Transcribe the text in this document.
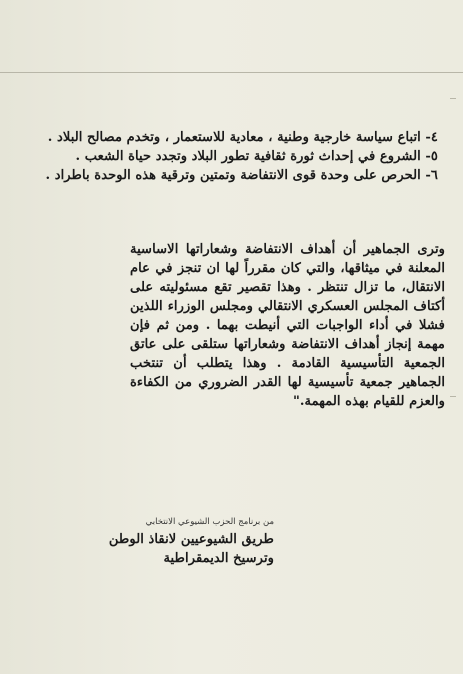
٤- اتباع سياسة خارجية وطنية ، معادية للاستعمار ، وتخدم مصالح البلاد .

٥- الشروع في إحداث ثورة ثقافية تطور البلاد وتجدد حياة الشعب .

٦- الحرص على وحدة قوى الانتفاضة وتمتين وترقية هذه الوحدة باطراد .

وترى الجماهير أن أهداف الانتفاضة وشعاراتها الاساسية المعلنة في ميثاقها، والتي كان مقرراً لها ان تنجز في عام الانتقال، ما تزال تنتظر . وهذا تقصير تقع مسئوليته على أكتاف المجلس العسكري الانتقالي ومجلس الوزراء اللذين فشلا في أداء الواجبات التي أنيطت بهما . ومن ثم فإن مهمة إنجاز أهداف الانتفاضة وشعاراتها ستلقى على عاتق الجمعية التأسيسية القادمة . وهذا يتطلب أن تنتخب الجماهير جمعية تأسيسية لها القدر الضروري من الكفاءة والعزم للقيام بهذه المهمة."

من برنامج الحزب الشيوعي الانتخابي

طريق الشيوعيين لانقاذ الوطن

وترسيخ الديمقراطية
